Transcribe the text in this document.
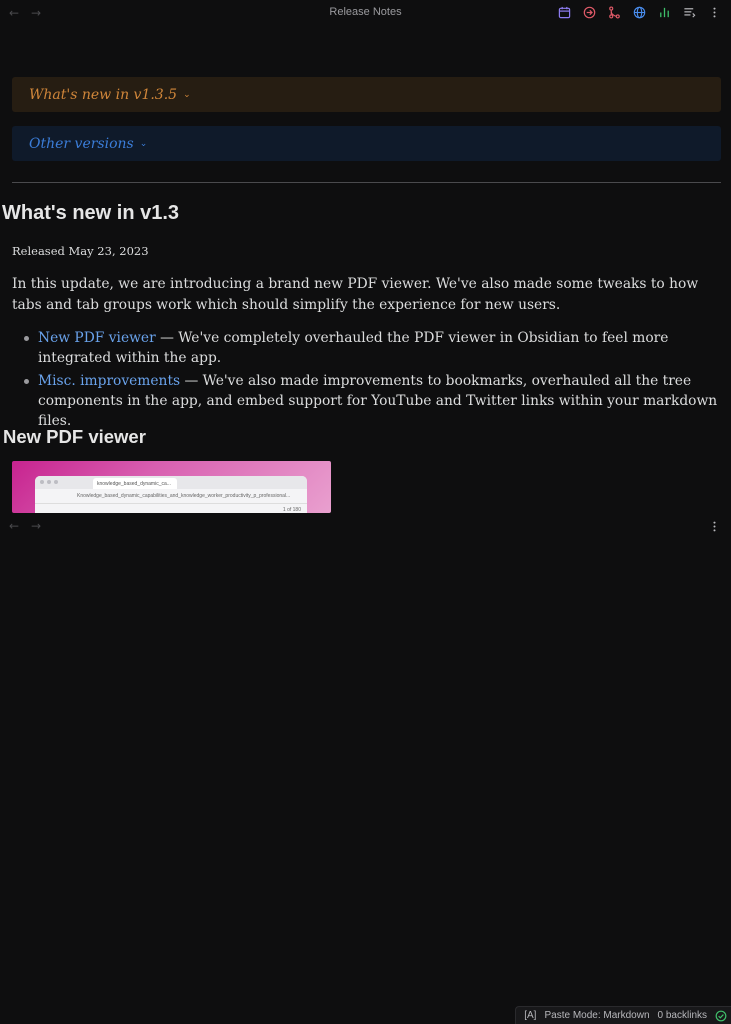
← →	Release Notes
What's new in v1.3.5 ⌄
Other versions ⌄
What's new in v1.3
Released May 23, 2023

In this update, we are introducing a brand new PDF viewer. We've also made some tweaks to how tabs and tab groups work which should simplify the experience for new users.

New PDF viewer — We've completely overhauled the PDF viewer in Obsidian to feel more integrated within the app.
Misc. improvements — We've also made improvements to bookmarks, overhauled all the tree components in the app, and embed support for YouTube and Twitter links within your markdown files.
New PDF viewer
knowledge_based_dynamic_ca...
Knowledge_based_dynamic_capabilities_and_knowledge_worker_productivity_p_professional...
1 of 180
← →
[A] Paste Mode: Markdown 0 backlinks
